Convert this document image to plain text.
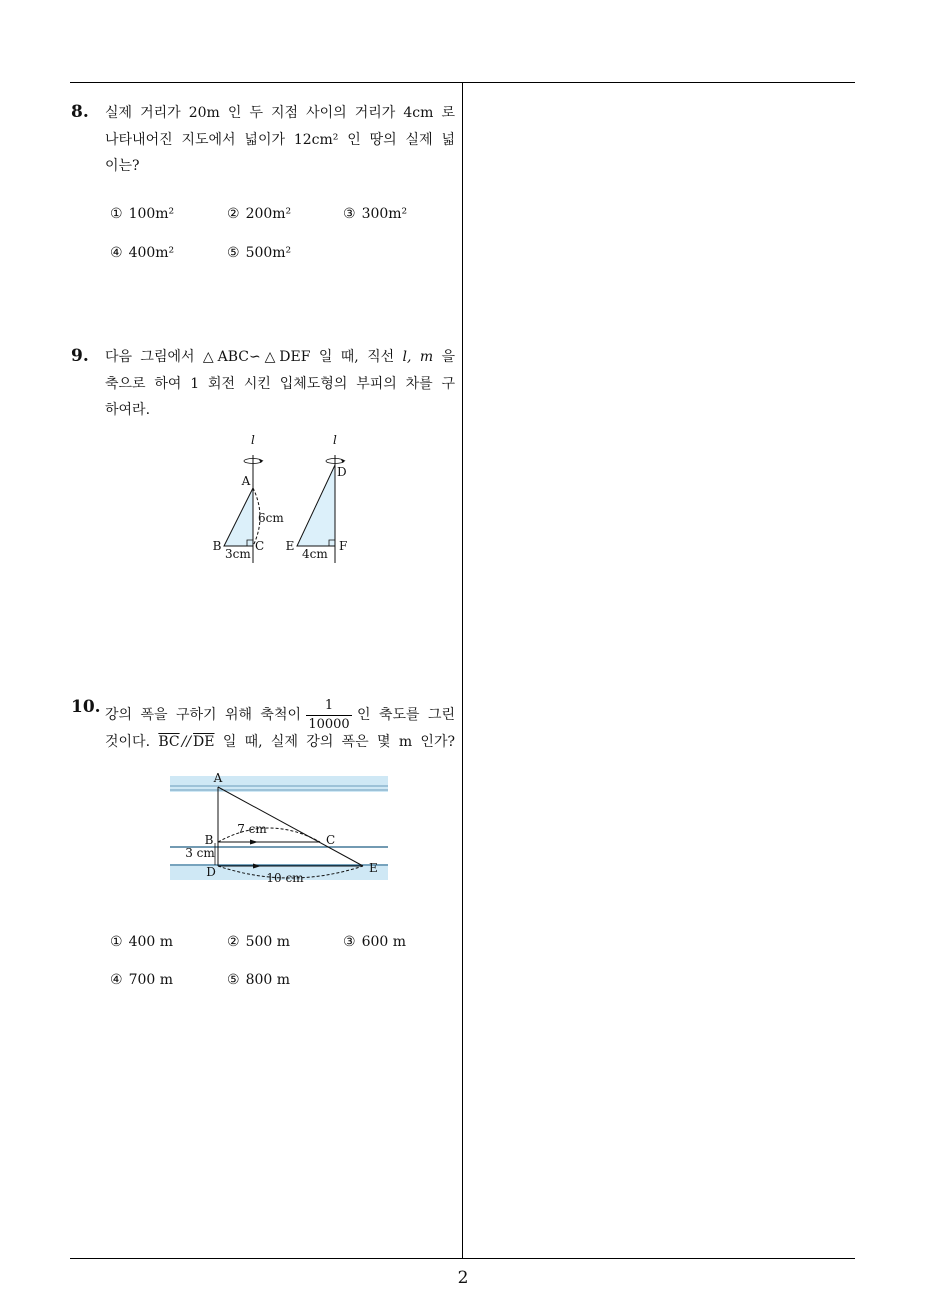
8. 실제 거리가 20m 인 두 지점 사이의 거리가 4cm 로
나타내어진 지도에서 넓이가 12cm² 인 땅의 실제 넓
이는?
① 100m²	② 200m²	③ 300m²
④ 400m²	⑤ 500m²
9. 다음 그림에서 △ABC∽△DEF 일 때, 직선 l, m 을
축으로 하여 1 회전 시킨 입체도형의 부피의 차를 구
하여라.
l
A
B	C
6cm
3cm
l
D
E	F
4cm
10. 강의 폭을 구하기 위해 축척이 $\frac{1}{10000}$ 인 축도를 그린
것이다. $\overline{BC} // \overline{DE}$ 일 때, 실제 강의 폭은 몇 m 인가?
A
B	C
D	E
7 cm
3 cm
10 cm
① 400 m	② 500 m	③ 600 m
④ 700 m	⑤ 800 m
2
